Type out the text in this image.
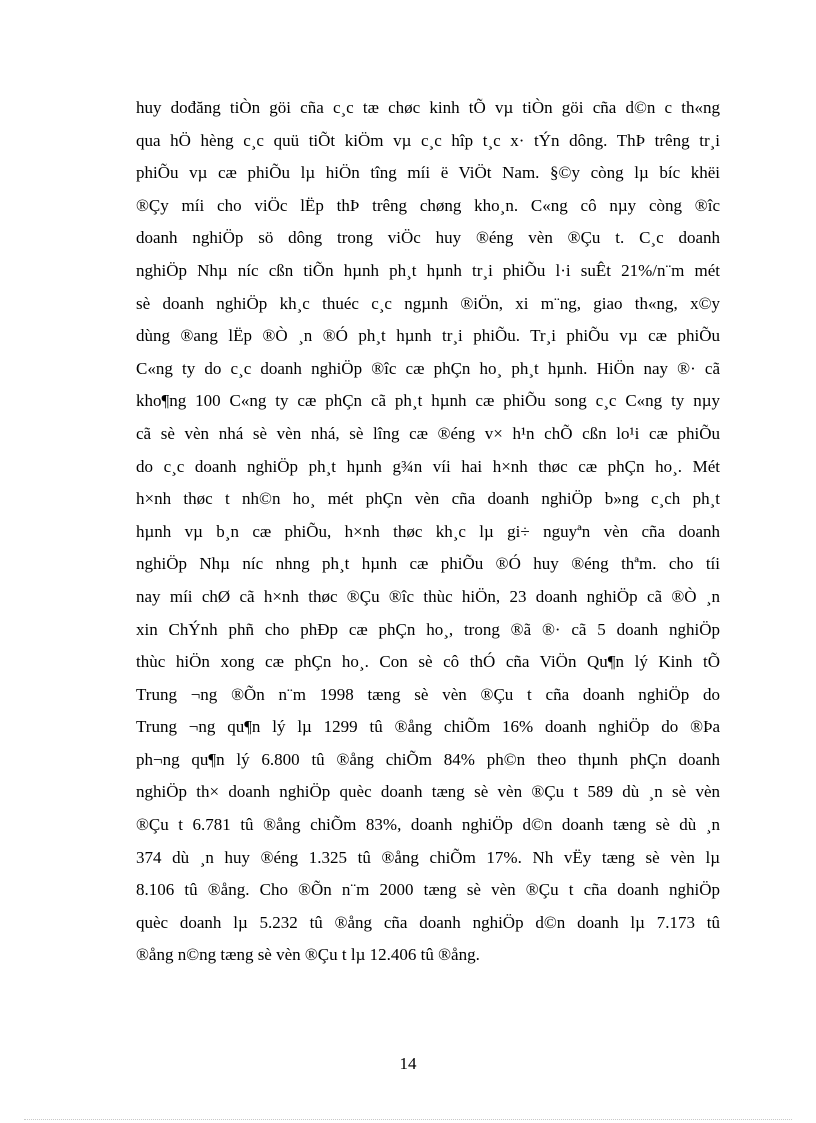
huy dođăng tiÒn göi cña c¸c tæ chøc kinh tÕ vµ tiÒn göi cña d©n c th«ng
qua hÖ hèng c¸c quü tiÕt kiÖm vµ c¸c hîp t¸c x· tÝn dông. ThÞ trêng tr¸i
phiÕu vµ cæ phiÕu lµ hiÖn tîng míi ë ViÖt Nam. §©y còng lµ bíc khëi
®Çy míi cho viÖc lËp thÞ trêng chøng kho¸n. C«ng cô nµy còng ®îc
doanh nghiÖp sö dông trong viÖc huy ®éng vèn ®Çu t. C¸c doanh
nghiÖp Nhµ níc cßn tiÕn hµnh ph¸t hµnh tr¸i phiÕu l·i suÊt 21%/n¨m mét
sè doanh nghiÖp kh¸c thuéc c¸c ngµnh ®iÖn, xi m¨ng, giao th«ng, x©y
dùng ®ang lËp ®Ò ¸n ®Ó ph¸t hµnh tr¸i phiÕu. Tr¸i phiÕu vµ cæ phiÕu
C«ng ty do c¸c doanh nghiÖp ®îc cæ phÇn ho¸ ph¸t hµnh. HiÖn nay ®· cã
kho¶ng 100 C«ng ty cæ phÇn cã ph¸t hµnh cæ phiÕu song c¸c C«ng ty nµy
cã sè vèn nhá sè vèn nhá, sè lîng cæ ®éng v× h¹n chÕ cßn lo¹i cæ phiÕu
do c¸c doanh nghiÖp ph¸t hµnh g¾n víi hai h×nh thøc cæ phÇn ho¸. Mét
h×nh thøc t nh©n ho¸ mét phÇn vèn cña doanh nghiÖp b»ng c¸ch ph¸t
hµnh vµ b¸n cæ phiÕu, h×nh thøc kh¸c lµ gi÷ nguyªn vèn cña doanh
nghiÖp Nhµ níc nhng ph¸t hµnh cæ phiÕu ®Ó huy ®éng thªm. cho tíi
nay míi chØ cã h×nh thøc ®Çu ®îc thùc hiÖn, 23 doanh nghiÖp cã ®Ò ¸n
xin ChÝnh phñ cho phÐp cæ phÇn ho¸, trong ®ã ®· cã 5 doanh nghiÖp
thùc hiÖn xong cæ phÇn ho¸. Con sè cô thÓ cña ViÖn Qu¶n lý Kinh tÕ
Trung ¬ng ®Õn n¨m 1998 tæng sè vèn ®Çu t cña doanh nghiÖp do
Trung ¬ng qu¶n lý lµ 1299 tû ®ång chiÕm 16% doanh nghiÖp do ®Þa
ph¬ng qu¶n lý 6.800 tû ®ång chiÕm 84% ph©n theo thµnh phÇn doanh
nghiÖp th× doanh nghiÖp quèc doanh tæng sè vèn ®Çu t 589 dù ¸n sè vèn
®Çu t 6.781 tû ®ång chiÕm 83%, doanh nghiÖp d©n doanh tæng sè dù ¸n
374 dù ¸n huy ®éng 1.325 tû ®ång chiÕm 17%. Nh vËy tæng sè vèn lµ
8.106 tû ®ång. Cho ®Õn n¨m 2000 tæng sè vèn ®Çu t cña doanh nghiÖp
quèc doanh lµ 5.232 tû ®ång cña doanh nghiÖp d©n doanh lµ 7.173 tû
®ång n©ng tæng sè vèn ®Çu t lµ 12.406 tû ®ång.
14
